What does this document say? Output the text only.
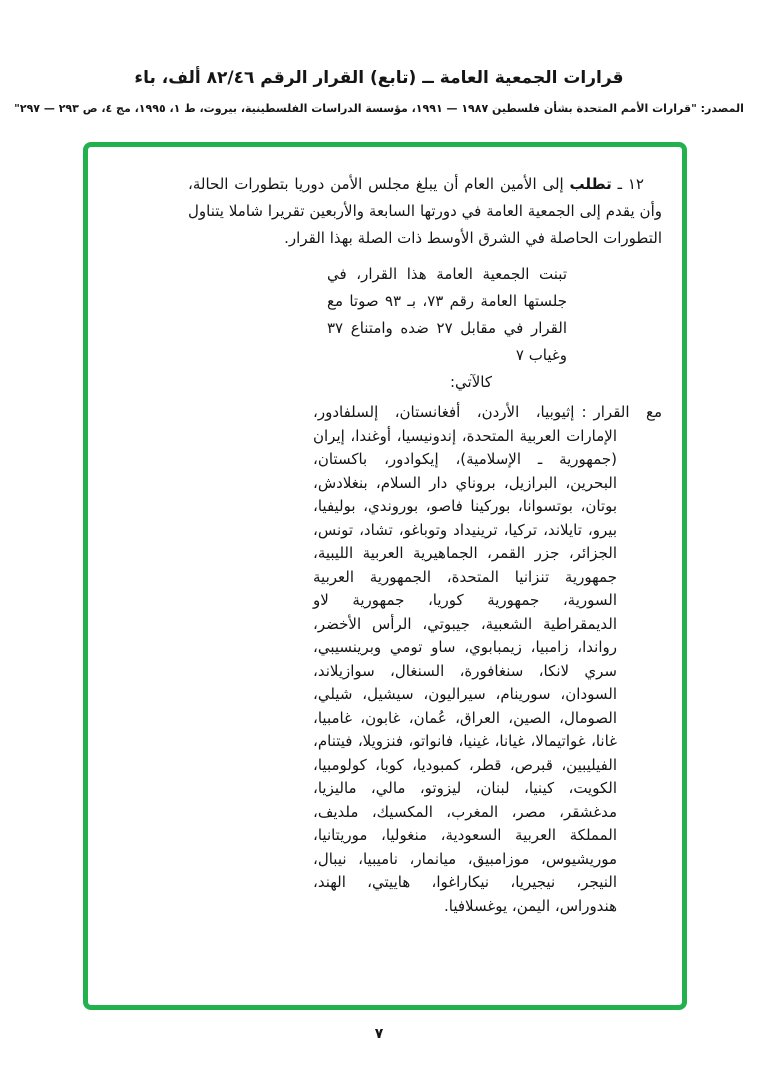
قرارات الجمعية العامة ــ (تابع) القرار الرقم ٨٢/٤٦ ألف، باء
المصدر: "قرارات الأمم المتحدة بشأن فلسطين ١٩٨٧ — ١٩٩١، مؤسسة الدراسات الفلسطينية، بيروت، ط ١، ١٩٩٥، مج ٤، ص ٢٩٣ — ٢٩٧"

١٢ ـ تطلب إلى الأمين العام أن يبلغ مجلس الأمن دوريا بتطورات الحالة، وأن يقدم إلى الجمعية العامة في دورتها السابعة والأربعين تقريرا شاملا يتناول التطورات الحاصلة في الشرق الأوسط ذات الصلة بهذا القرار.

تبنت الجمعية العامة هذا القرار، في جلستها العامة رقم ٧٣، بـ ٩٣ صوتا مع القرار في مقابل ٢٧ ضده وامتناع ٣٧ وغياب ٧

كالآتي:

مع القرار:إثيوبيا، الأردن، أفغانستان، إلسلفادور، الإمارات العربية المتحدة، إندونيسيا، أوغندا، إيران (جمهورية ـ الإسلامية)، إيكوادور، باكستان، البحرين، البرازيل، بروناي دار السلام، بنغلادش، بوتان، بوتسوانا، بوركينا فاصو، بوروندي، بوليفيا، بيرو، تايلاند، تركيا، ترينيداد وتوباغو، تشاد، تونس، الجزائر، جزر القمر، الجماهيرية العربية الليبية، جمهورية تنزانيا المتحدة، الجمهورية العربية السورية، جمهورية كوريا، جمهورية لاو الديمقراطية الشعبية، جيبوتي، الرأس الأخضر، رواندا، زامبيا، زيمبابوي، ساو تومي وبرينسيبي، سري لانكا، سنغافورة، السنغال، سوازيلاند، السودان، سورينام، سيراليون، سيشيل، شيلي، الصومال، الصين، العراق، عُمان، غابون، غامبيا، غانا، غواتيمالا، غيانا، غينيا، فانواتو، فنزويلا، فيتنام، الفيليبين، قبرص، قطر، كمبوديا، كوبا، كولومبيا، الكويت، كينيا، لبنان، ليزوتو، مالي، ماليزيا، مدغشقر، مصر، المغرب، المكسيك، ملديف، المملكة العربية السعودية، منغوليا، موريتانيا، موريشيوس، موزامبيق، ميانمار، ناميبيا، نيبال، النيجر، نيجيريا، نيكاراغوا، هاييتي، الهند، هندوراس، اليمن، يوغسلافيا.

٧
